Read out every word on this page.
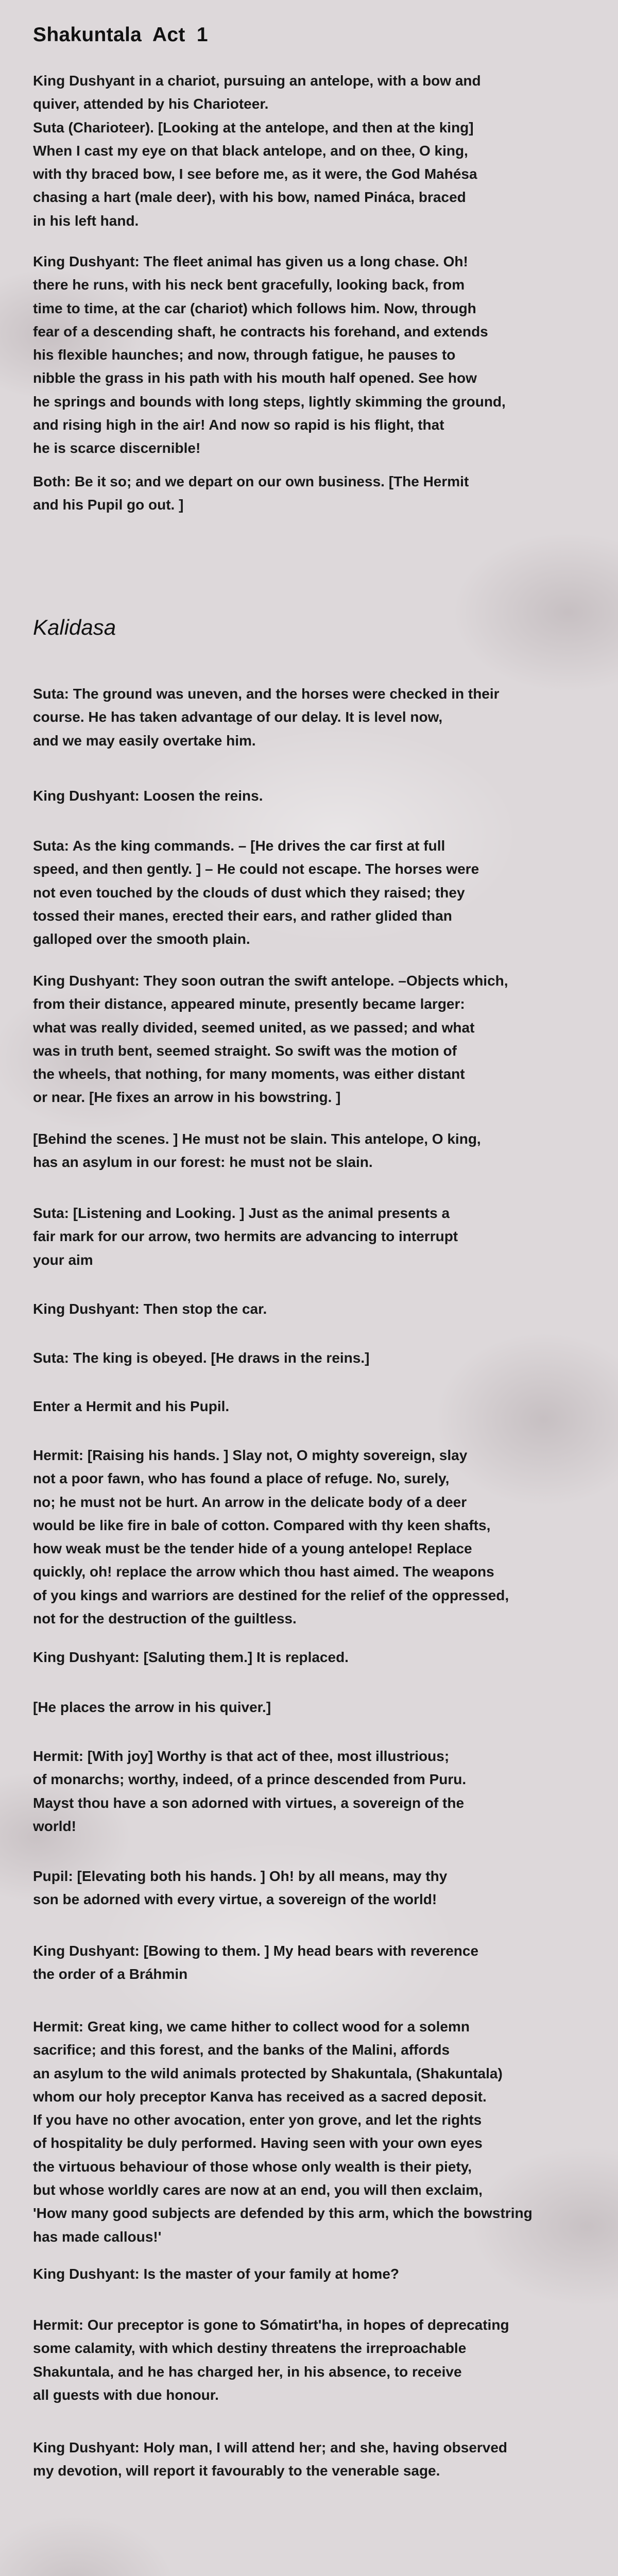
Shakuntala  Act  1
King Dushyant in a chariot, pursuing an antelope, with a bow and
quiver, attended by his Charioteer.
Suta (Charioteer). [Looking at the antelope, and then at the king]
When I cast my eye on that black antelope, and on thee, O king,
with thy braced bow, I see before me, as it were, the God Mahésa
chasing a hart (male deer), with his bow, named Pináca, braced
in his left hand.
King Dushyant: The fleet animal has given us a long chase. Oh!
there he runs, with his neck bent gracefully, looking back, from
time to time, at the car (chariot) which follows him. Now, through
fear of a descending shaft, he contracts his forehand, and extends
his flexible haunches; and now, through fatigue, he pauses to
nibble the grass in his path with his mouth half opened. See how
he springs and bounds with long steps, lightly skimming the ground,
and rising high in the air! And now so rapid is his flight, that
he is scarce discernible!
Both: Be it so; and we depart on our own business. [The Hermit
and his Pupil go out. ]
Kalidasa
Suta: The ground was uneven, and the horses were checked in their
course. He has taken advantage of our delay. It is level now,
and we may easily overtake him.
King Dushyant: Loosen the reins.
Suta: As the king commands. – [He drives the car first at full
speed, and then gently. ] – He could not escape. The horses were
not even touched by the clouds of dust which they raised; they
tossed their manes, erected their ears, and rather glided than
galloped over the smooth plain.
King Dushyant: They soon outran the swift antelope. –Objects which,
from their distance, appeared minute, presently became larger:
what was really divided, seemed united, as we passed; and what
was in truth bent, seemed straight. So swift was the motion of
the wheels, that nothing, for many moments, was either distant
or near. [He fixes an arrow in his bowstring. ]
[Behind the scenes. ] He must not be slain. This antelope, O king,
has an asylum in our forest: he must not be slain.
Suta: [Listening and Looking. ] Just as the animal presents a
fair mark for our arrow, two hermits are advancing to interrupt
your aim
King Dushyant: Then stop the car.
Suta: The king is obeyed. [He draws in the reins.]
Enter a Hermit and his Pupil.
Hermit: [Raising his hands. ] Slay not, O mighty sovereign, slay
not a poor fawn, who has found a place of refuge. No, surely,
no; he must not be hurt. An arrow in the delicate body of a deer
would be like fire in bale of cotton. Compared with thy keen shafts,
how weak must be the tender hide of a young antelope! Replace
quickly, oh! replace the arrow which thou hast aimed. The weapons
of you kings and warriors are destined for the relief of the oppressed,
not for the destruction of the guiltless.
King Dushyant: [Saluting them.] It is replaced.
[He places the arrow in his quiver.]
Hermit: [With joy] Worthy is that act of thee, most illustrious;
of monarchs; worthy, indeed, of a prince descended from Puru.
Mayst thou have a son adorned with virtues, a sovereign of the
world!
Pupil: [Elevating both his hands. ] Oh! by all means, may thy
son be adorned with every virtue, a sovereign of the world!
King Dushyant: [Bowing to them. ] My head bears with reverence
the order of a Bráhmin
Hermit: Great king, we came hither to collect wood for a solemn
sacrifice; and this forest, and the banks of the Malini, affords
an asylum to the wild animals protected by Shakuntala, (Shakuntala)
whom our holy preceptor Kanva has received as a sacred deposit.
If you have no other avocation, enter yon grove, and let the rights
of hospitality be duly performed. Having seen with your own eyes
the virtuous behaviour of those whose only wealth is their piety,
but whose worldly cares are now at an end, you will then exclaim,
'How many good subjects are defended by this arm, which the bowstring
has made callous!'
King Dushyant: Is the master of your family at home?
Hermit: Our preceptor is gone to Sómatirt'ha, in hopes of deprecating
some calamity, with which destiny threatens the irreproachable
Shakuntala, and he has charged her, in his absence, to receive
all guests with due honour.
King Dushyant: Holy man, I will attend her; and she, having observed
my devotion, will report it favourably to the venerable sage.
